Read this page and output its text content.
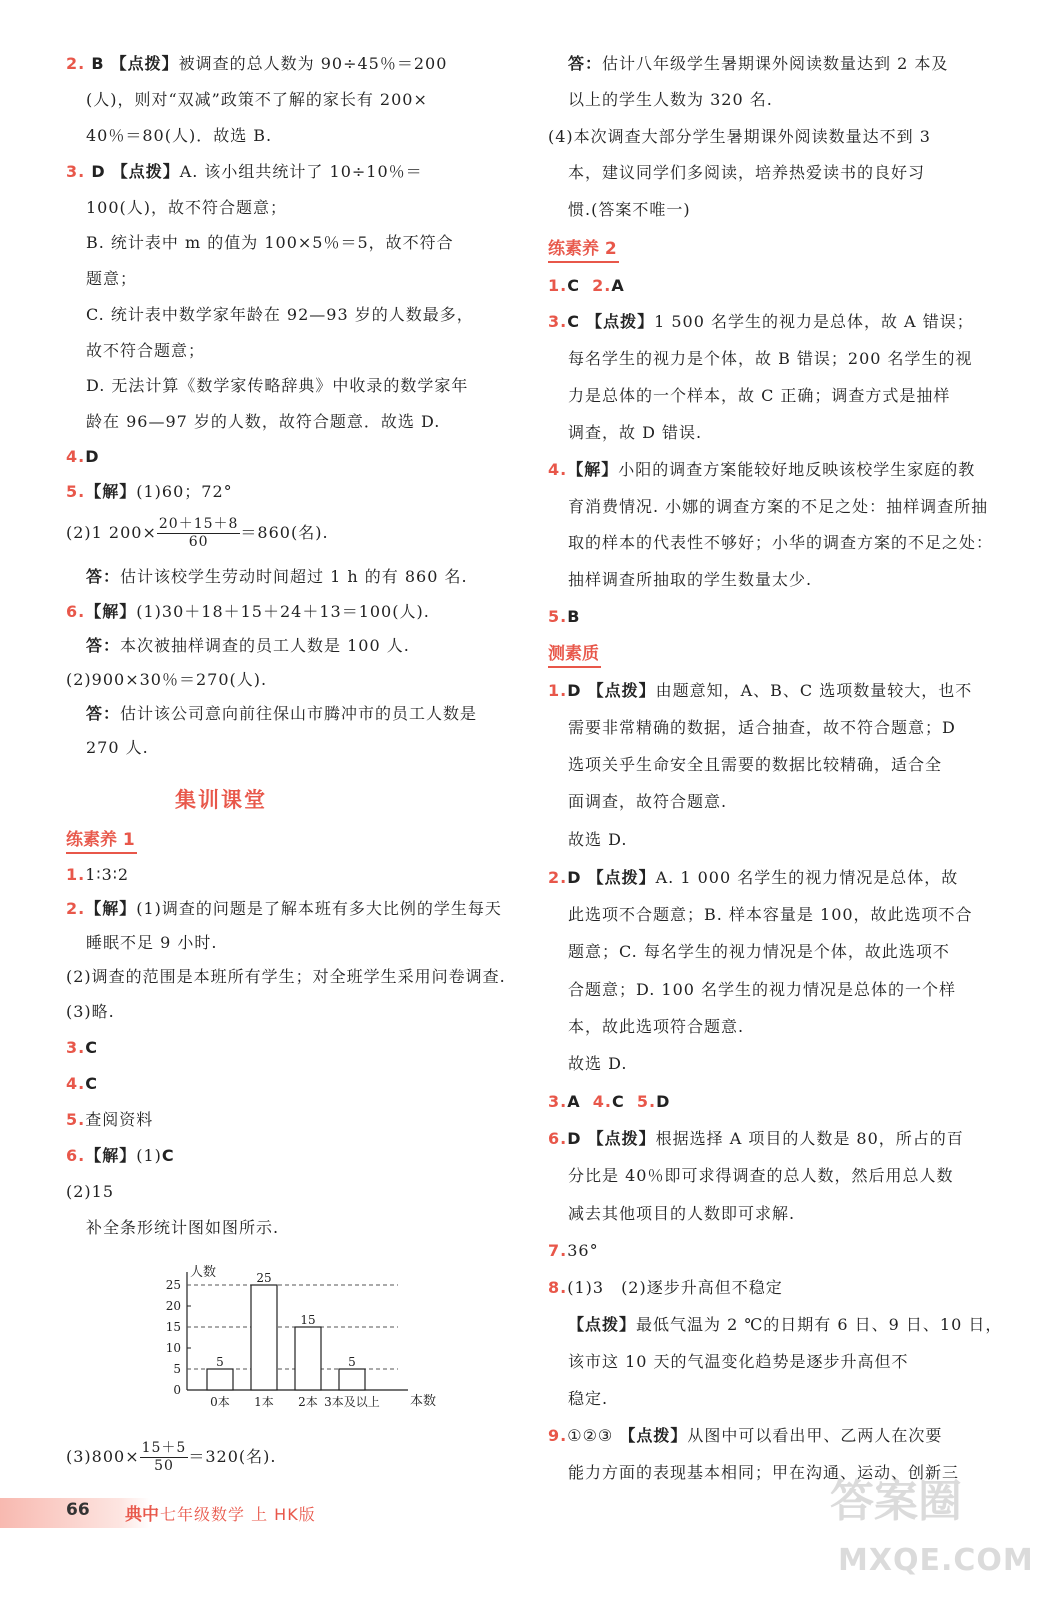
2. B 【点拨】被调查的总人数为 90÷45％＝200
(人)，则对“双减”政策不了解的家长有 200×
40％＝80(人)．故选 B.
3. D 【点拨】A. 该小组共统计了 10÷10％＝
100(人)，故不符合题意；
B. 统计表中 m 的值为 100×5％＝5，故不符合
题意；
C. 统计表中数学家年龄在 92—93 岁的人数最多，
故不符合题意；
D. 无法计算《数学家传略辞典》中收录的数学家年
龄在 96—97 岁的人数，故符合题意．故选 D.
4.D
5.【解】(1)60；72°
(2)1 $200\times \frac{20+15+8}{60} =860$(名).
答：估计该校学生劳动时间超过 1 h 的有 860 名.
6.【解】(1)30＋18＋15＋24＋13＝100(人).
答：本次被抽样调查的员工人数是 100 人.
(2)900×30％＝270(人).
答：估计该公司意向前往保山市腾冲市的员工人数是
270 人.
练素养 1
1.1∶3∶2
2.【解】(1)调查的问题是了解本班有多大比例的学生每天
睡眠不足 9 小时.
(2)调查的范围是本班所有学生；对全班学生采用问卷调查.
(3)略.
3.C
4.C
5.查阅资料
6.【解】(1)C
(2)15
补全条形统计图如图所示.
$(3)800\times \frac{15+5}{50} =320$(名).
集训课堂
人数
本数
0
5
10
15
20
25
5
0本
25
1本
15
2本
5
3本及以上
答：估计八年级学生暑期课外阅读数量达到 2 本及
以上的学生人数为 320 名.
(4)本次调查大部分学生暑期课外阅读数量达不到 3
本，建议同学们多阅读，培养热爱读书的良好习
惯.(答案不唯一)
练素养 2
1.C 2.A
3.C 【点拨】1 500 名学生的视力是总体，故 A 错误；
每名学生的视力是个体，故 B 错误；200 名学生的视
力是总体的一个样本，故 C 正确；调查方式是抽样
调查，故 D 错误.
4.【解】小阳的调查方案能较好地反映该校学生家庭的教
育消费情况. 小娜的调查方案的不足之处：抽样调查所抽
取的样本的代表性不够好；小华的调查方案的不足之处：
抽样调查所抽取的学生数量太少.
5.B
测素质
1.D 【点拨】由题意知，A、B、C 选项数量较大，也不
需要非常精确的数据，适合抽查，故不符合题意；D
选项关乎生命安全且需要的数据比较精确，适合全
面调查，故符合题意.
故选 D.
2.D 【点拨】A. 1 000 名学生的视力情况是总体，故
此选项不合题意；B. 样本容量是 100，故此选项不合
题意；C. 每名学生的视力情况是个体，故此选项不
合题意；D. 100 名学生的视力情况是总体的一个样
本，故此选项符合题意.
故选 D.
3.A 4.C 5.D
6.D 【点拨】根据选择 A 项目的人数是 80，所占的百
分比是 40％即可求得调查的总人数，然后用总人数
减去其他项目的人数即可求解.
7.36°
8.(1)3　(2)逐步升高但不稳定
【点拨】最低气温为 2 ℃的日期有 6 日、9 日、10 日，
该市这 10 天的气温变化趋势是逐步升高但不
稳定.
9.①②③ 【点拨】从图中可以看出甲、乙两人在次要
能力方面的表现基本相同；甲在沟通、运动、创新三
66 典中 七年级数学 上 HK版	答案圈
MXQE.COM
